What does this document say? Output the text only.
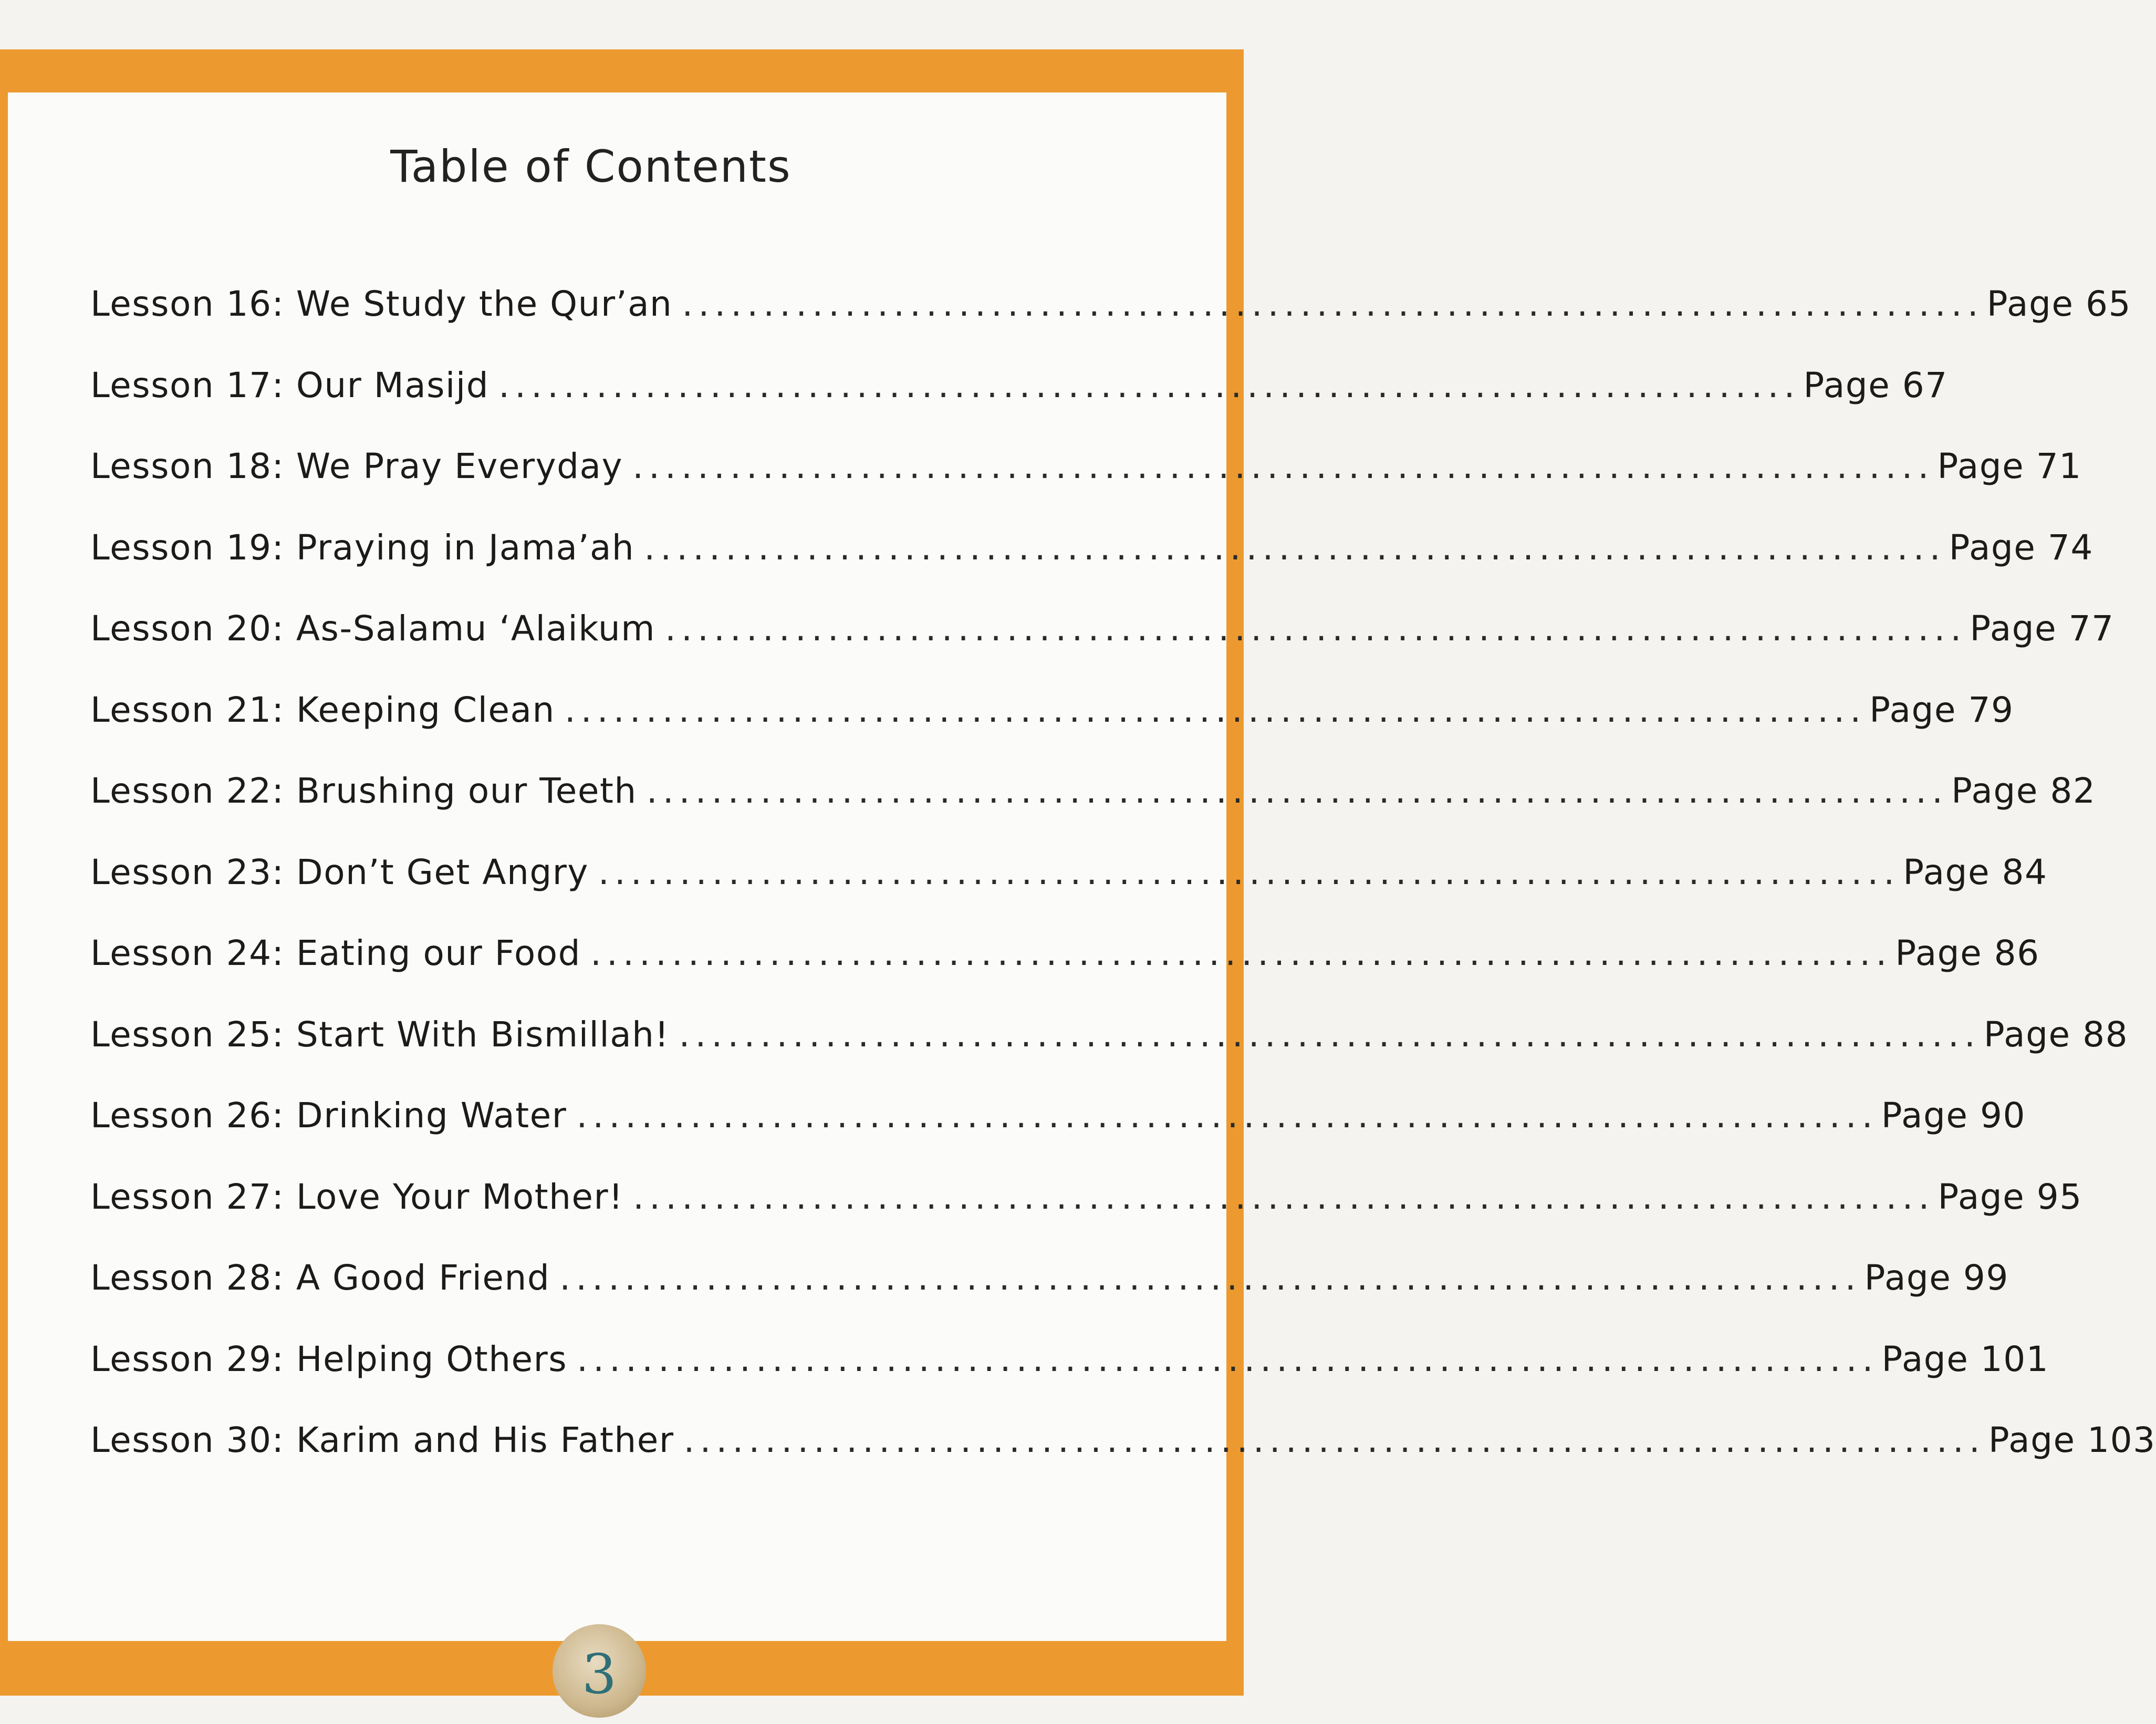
Table of Contents
Lesson 16: We Study the Qur’an ................................................................................ Page 65
Lesson 17: Our Masijd ................................................................................ Page 67
Lesson 18: We Pray Everyday ................................................................................ Page 71
Lesson 19: Praying in Jama’ah ................................................................................ Page 74
Lesson 20: As-Salamu ‘Alaikum ................................................................................ Page 77
Lesson 21: Keeping Clean ................................................................................ Page 79
Lesson 22: Brushing our Teeth ................................................................................ Page 82
Lesson 23: Don’t Get Angry ................................................................................ Page 84
Lesson 24: Eating our Food ................................................................................ Page 86
Lesson 25: Start With Bismillah! ................................................................................ Page 88
Lesson 26: Drinking Water ................................................................................ Page 90
Lesson 27: Love Your Mother! ................................................................................ Page 95
Lesson 28: A Good Friend ................................................................................ Page 99
Lesson 29: Helping Others ................................................................................ Page 101
Lesson 30: Karim and His Father ................................................................................ Page 103
3
